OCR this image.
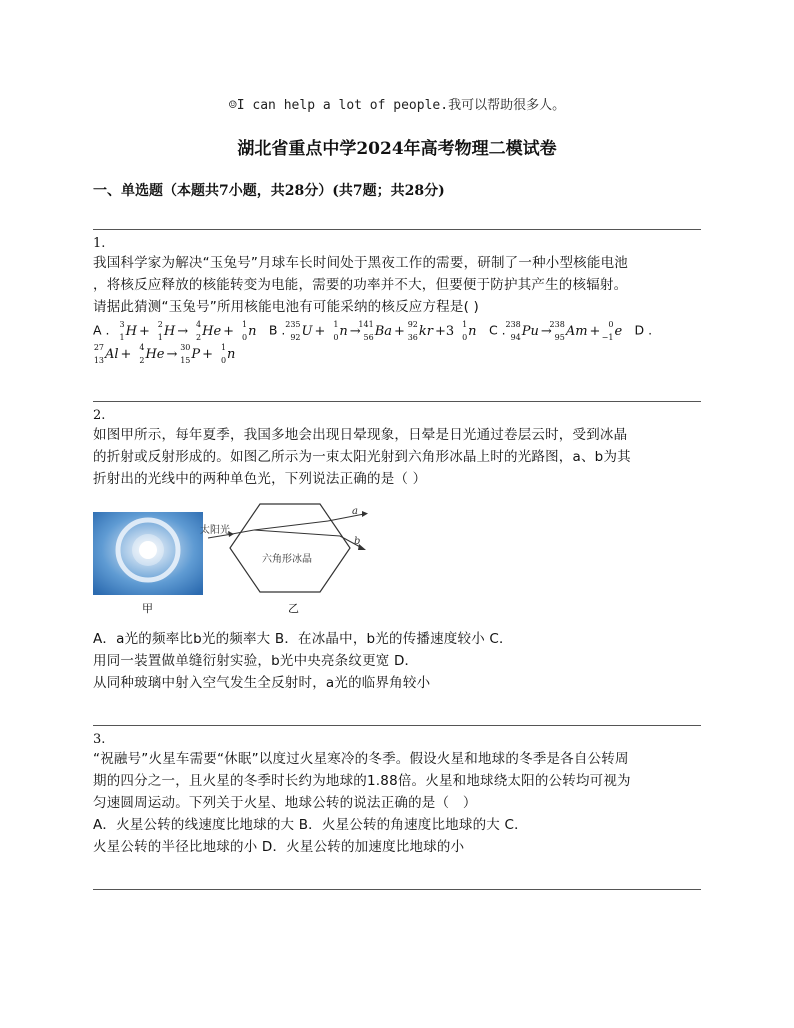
☺I can help a lot of people.我可以帮助很多人。
湖北省重点中学2024年高考物理二模试卷
一、单选题（本题共7小题，共28分）(共7题；共28分)
1.
我国科学家为解决“玉兔号”月球车长时间处于黑夜工作的需要，研制了一种小型核能电池
，将核反应释放的核能转变为电能，需要的功率并不大，但要便于防护其产生的核辐射。
请据此猜测“玉兔号”所用核能电池有可能采纳的核反应方程是( )
A . 3
1 H + 2
1 H → 4
2 He + 1
0 n B . 235
92 U + 1
0 n →
141
56 Ba + 92
36 kr +3 1
0 n C . 238
94 Pu →
238
95 Am + 0
−1 e D .
27
13 Al + 4
2 He → 30
15 P + 1
0 n
2.
如图甲所示，每年夏季，我国多地会出现日晕现象，日晕是日光通过卷层云时，受到冰晶
的折射或反射形成的。如图乙所示为一束太阳光射到六角形冰晶上时的光路图，a、b为其
折射出的光线中的两种单色光，下列说法正确的是（ ）
甲
太阳光
六角形冰晶
a
b
乙
A．a光的频率比b光的频率大 B．在冰晶中，b光的传播速度较小 C．
用同一装置做单缝衍射实验，b光中央亮条纹更宽 D．
从同种玻璃中射入空气发生全反射时，a光的临界角较小
3.
“祝融号”火星车需要“休眠”以度过火星寒冷的冬季。假设火星和地球的冬季是各自公转周
期的四分之一，且火星的冬季时长约为地球的1.88倍。火星和地球绕太阳的公转均可视为
匀速圆周运动。下列关于火星、地球公转的说法正确的是（　）
A．火星公转的线速度比地球的大 B．火星公转的角速度比地球的大 C．
火星公转的半径比地球的小 D．火星公转的加速度比地球的小
